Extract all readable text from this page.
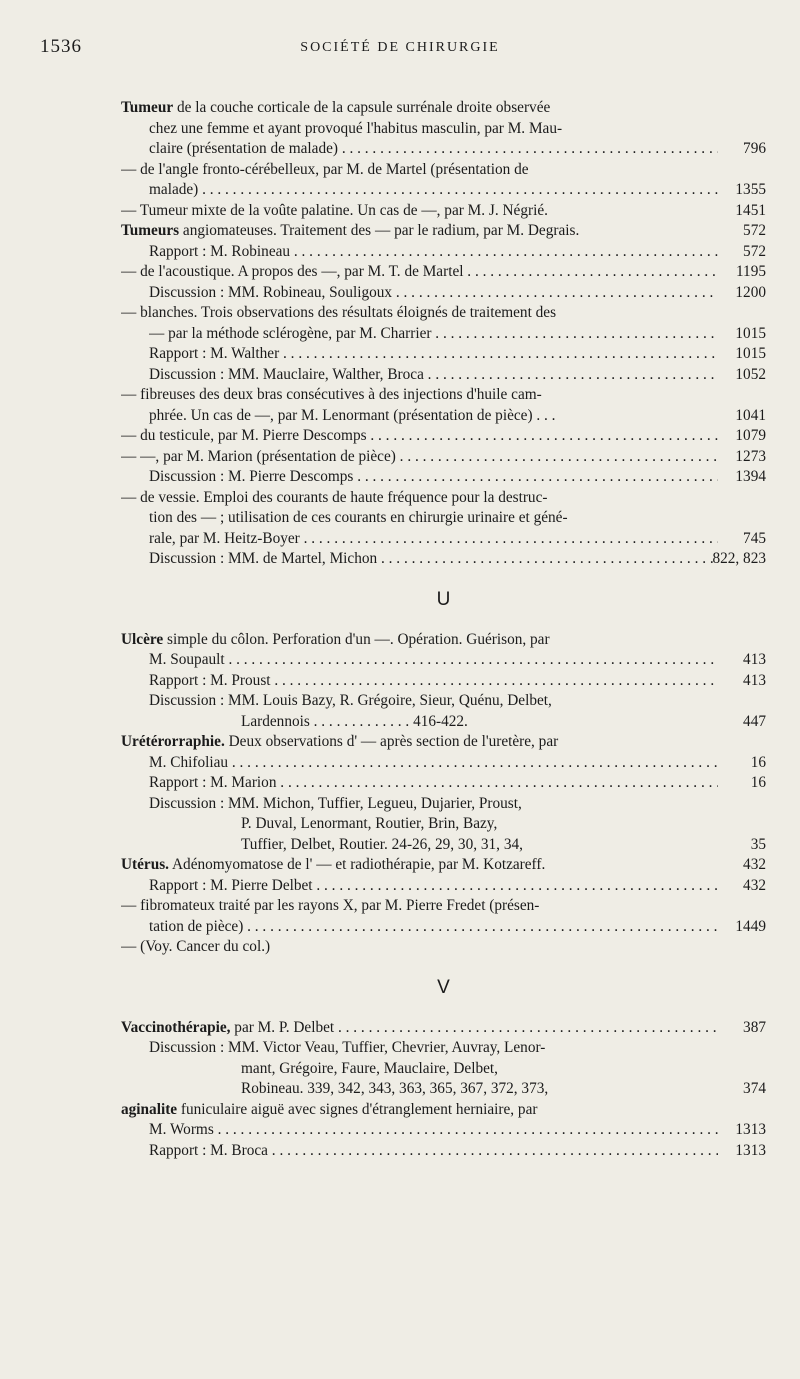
1536	SOCIÉTÉ DE CHIRURGIE
Tumeur de la couche corticale de la capsule surrénale droite observée
chez une femme et ayant provoqué l'habitus masculin, par M. Mau-
claire (présentation de malade) . . .	796
— de l'angle fronto-cérébelleux, par M. de Martel (présentation de
malade) . . .	1355
— Tumeur mixte de la voûte palatine. Un cas de —, par M. J. Négrié.	1451
Tumeurs angiomateuses. Traitement des — par le radium, par M. Degrais.	572
Rapport : M. Robineau . . .	572
— de l'acoustique. A propos des —, par M. T. de Martel . . .	1195
Discussion : MM. Robineau, Souligoux . . .	1200
— blanches. Trois observations des résultats éloignés de traitement des
— par la méthode sclérogène, par M. Charrier . . .	1015
Rapport : M. Walther . . .	1015
Discussion : MM. Mauclaire, Walther, Broca . . .	1052
— fibreuses des deux bras consécutives à des injections d'huile cam-
phrée. Un cas de —, par M. Lenormant (présentation de pièce) . . .	1041
— du testicule, par M. Pierre Descomps . . .	1079
— —, par M. Marion (présentation de pièce) . . .	1273
Discussion : M. Pierre Descomps . . .	1394
— de vessie. Emploi des courants de haute fréquence pour la destruc-
tion des — ; utilisation de ces courants en chirurgie urinaire et géné-
rale, par M. Heitz-Boyer . . .	745
Discussion : MM. de Martel, Michon . . .	822, 823
U
Ulcère simple du côlon. Perforation d'un —. Opération. Guérison, par
M. Soupault . . .	413
Rapport : M. Proust . . .	413
Discussion : MM. Louis Bazy, R. Grégoire, Sieur, Quénu, Delbet,
Lardennois . . . . . . . . . . . . . 416-422.	447
Urétérorraphie. Deux observations d' — après section de l'uretère, par
M. Chifoliau . . .	16
Rapport : M. Marion . . .	16
Discussion : MM. Michon, Tuffier, Legueu, Dujarier, Proust,
P. Duval, Lenormant, Routier, Brin, Bazy,
Tuffier, Delbet, Routier. 24-26, 29, 30, 31, 34,	35
Utérus. Adénomyomatose de l' — et radiothérapie, par M. Kotzareff.	432
Rapport : M. Pierre Delbet . . .	432
— fibromateux traité par les rayons X, par M. Pierre Fredet (présen-
tation de pièce) . . .	1449
— (Voy. Cancer du col.)
V
Vaccinothérapie, par M. P. Delbet . . .	387
Discussion : MM. Victor Veau, Tuffier, Chevrier, Auvray, Lenor-
mant, Grégoire, Faure, Mauclaire, Delbet,
Robineau. 339, 342, 343, 363, 365, 367, 372, 373,	374
aginalite funiculaire aiguë avec signes d'étranglement herniaire, par
M. Worms . . .	1313
Rapport : M. Broca . . .	1313
